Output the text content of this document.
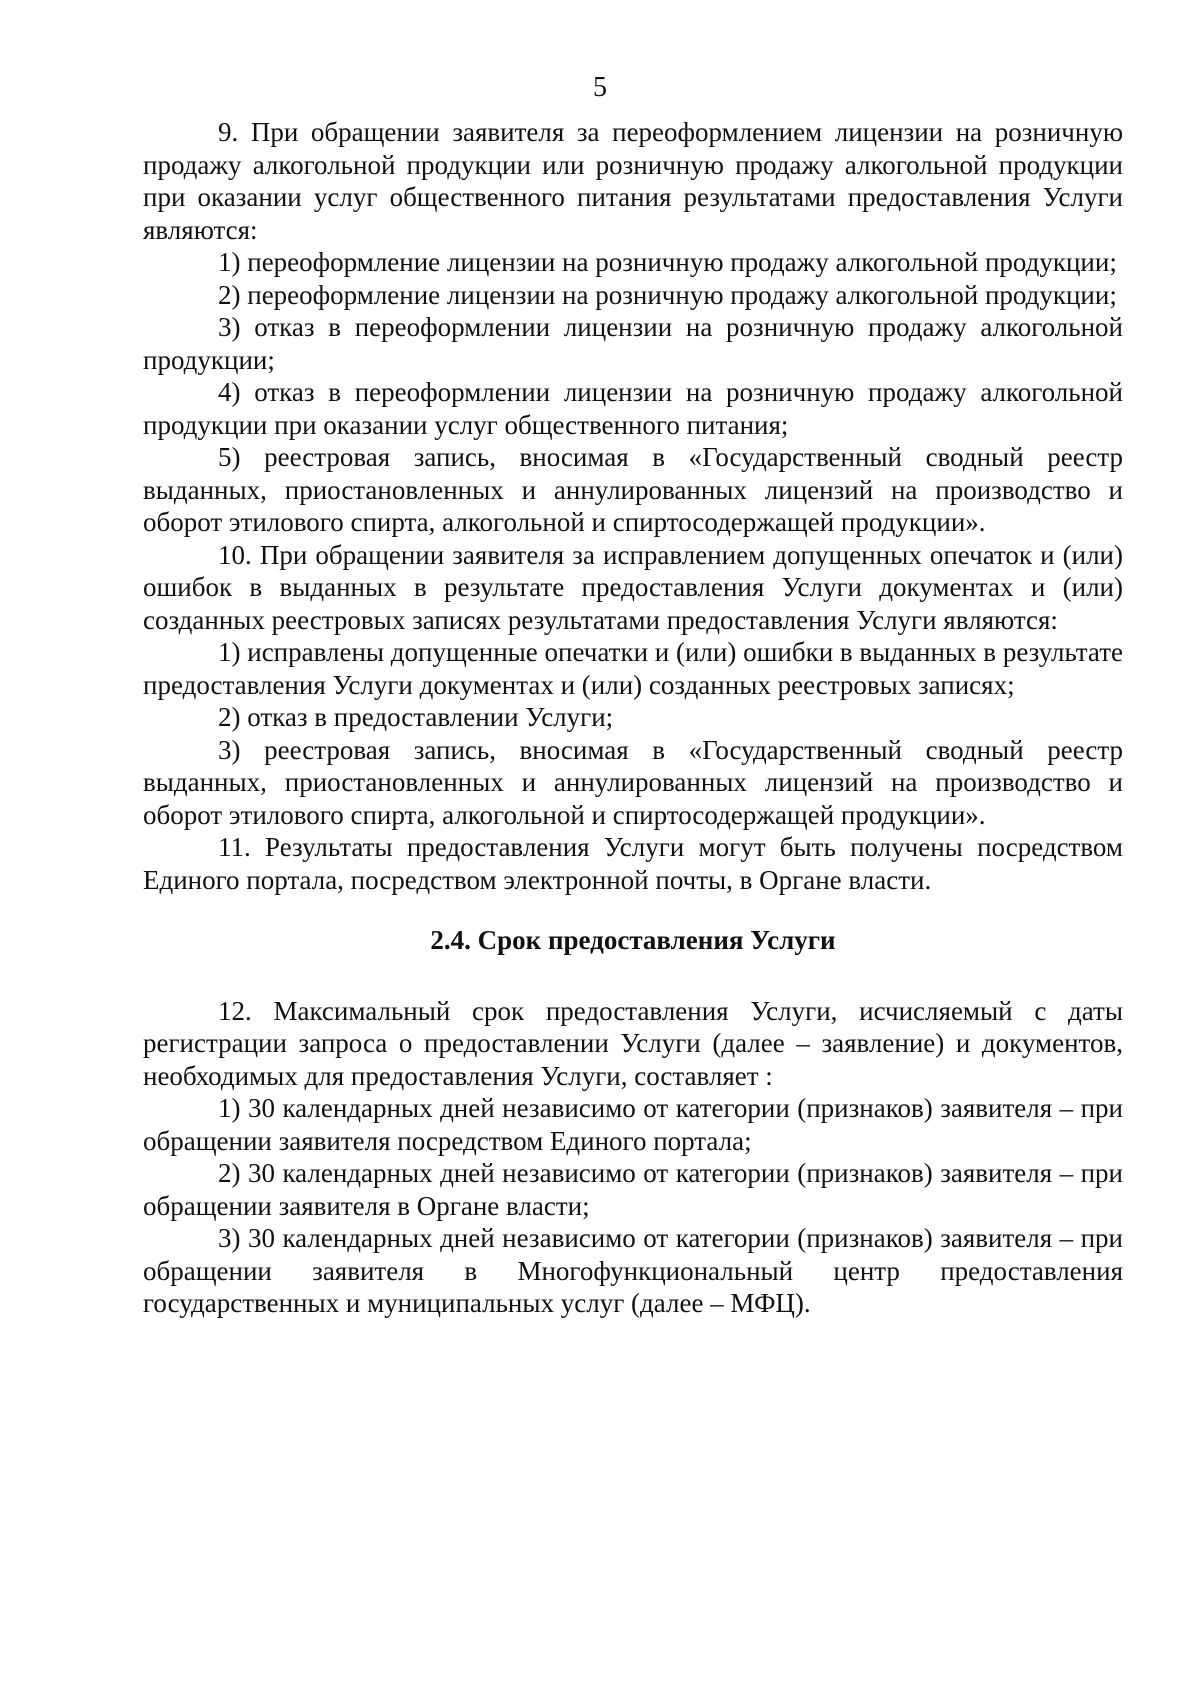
5

9. При обращении заявителя за переоформлением лицензии на розничную продажу алкогольной продукции или розничную продажу алкогольной продукции при оказании услуг общественного питания результатами предоставления Услуги являются:

1) переоформление лицензии на розничную продажу алкогольной продукции;

2) переоформление лицензии на розничную продажу алкогольной продукции;

3) отказ в переоформлении лицензии на розничную продажу алкогольной продукции;

4) отказ в переоформлении лицензии на розничную продажу алкогольной продукции при оказании услуг общественного питания;

5) реестровая запись, вносимая в «Государственный сводный реестр выданных, приостановленных и аннулированных лицензий на производство и оборот этилового спирта, алкогольной и спиртосодержащей продукции».

10. При обращении заявителя за исправлением допущенных опечаток и (или) ошибок в выданных в результате предоставления Услуги документах и (или) созданных реестровых записях результатами предоставления Услуги являются:

1) исправлены допущенные опечатки и (или) ошибки в выданных в результате предоставления Услуги документах и (или) созданных реестровых записях;

2) отказ в предоставлении Услуги;

3) реестровая запись, вносимая в «Государственный сводный реестр выданных, приостановленных и аннулированных лицензий на производство и оборот этилового спирта, алкогольной и спиртосодержащей продукции».

11. Результаты предоставления Услуги могут быть получены посредством Единого портала, посредством электронной почты, в Органе власти.

2.4. Срок предоставления Услуги

12. Максимальный срок предоставления Услуги, исчисляемый с даты регистрации запроса о предоставлении Услуги (далее – заявление) и документов, необходимых для предоставления Услуги, составляет :

1) 30 календарных дней независимо от категории (признаков) заявителя – при обращении заявителя посредством Единого портала;

2) 30 календарных дней независимо от категории (признаков) заявителя – при обращении заявителя в Органе власти;

3) 30 календарных дней независимо от категории (признаков) заявителя – при обращении заявителя в Многофункциональный центр предоставления государственных и муниципальных услуг (далее – МФЦ).
